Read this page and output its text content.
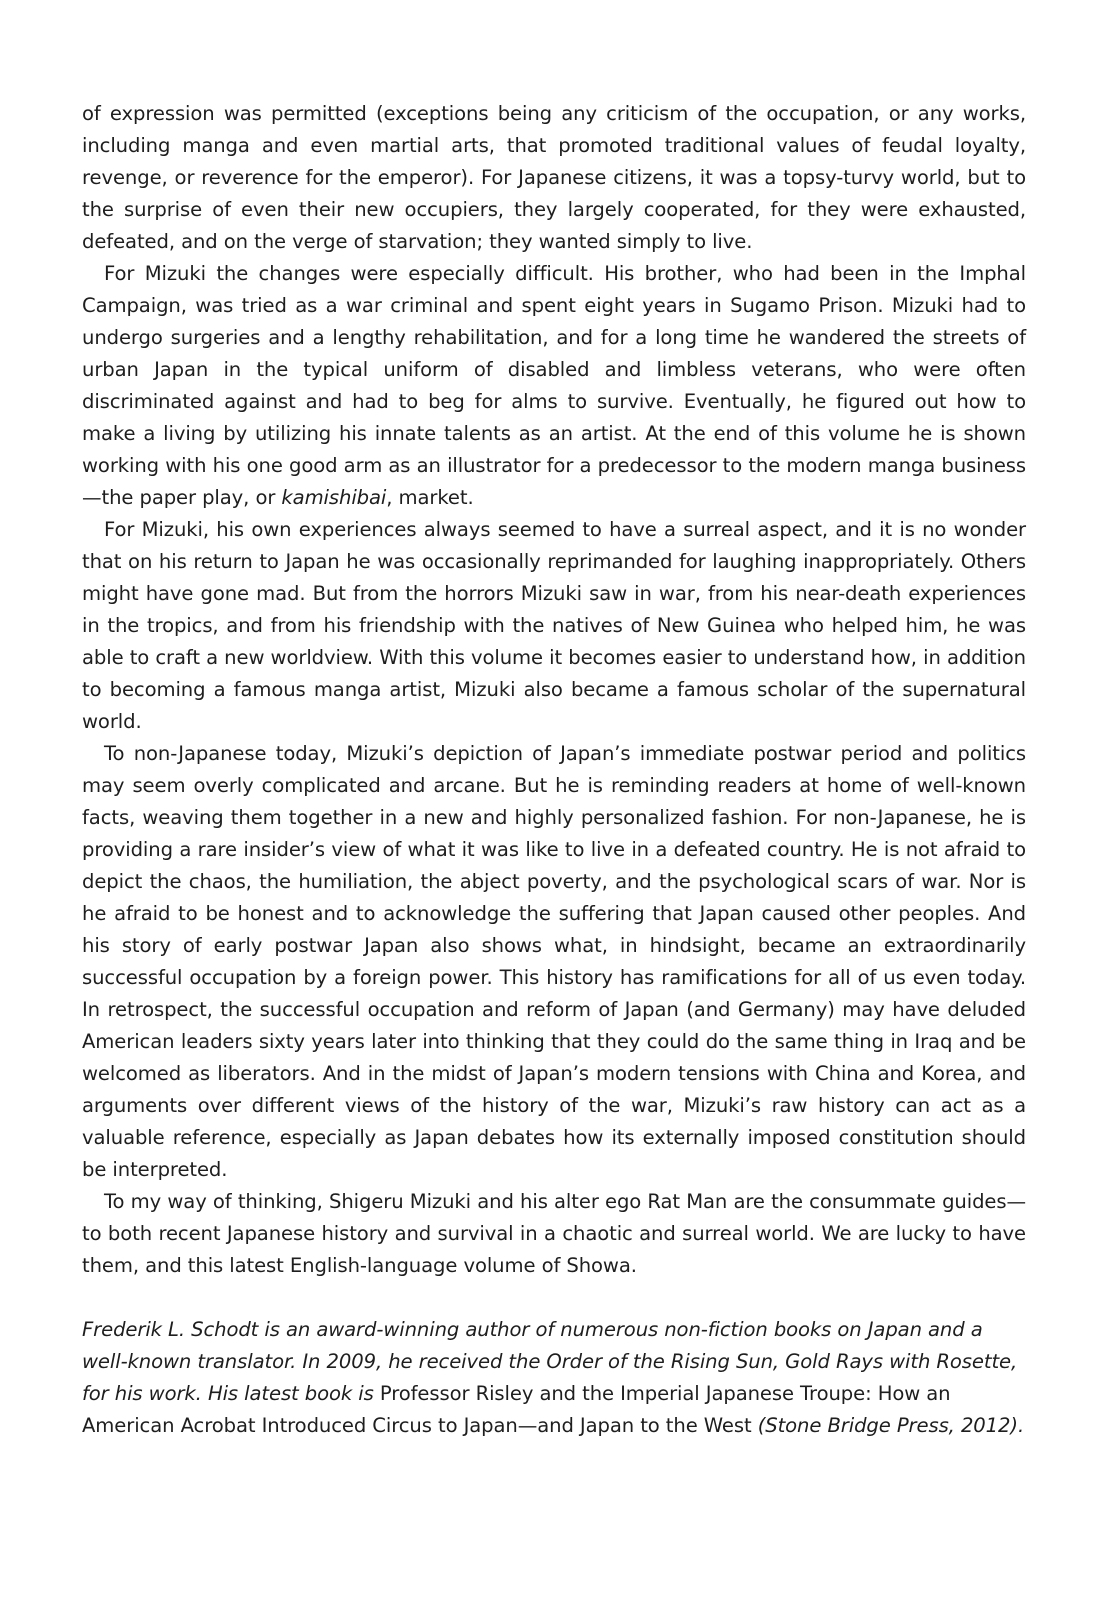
of expression was permitted (exceptions being any criticism of the occupation, or any works, including manga and even martial arts, that promoted traditional values of feudal loyalty, revenge, or reverence for the emperor). For Japanese citizens, it was a topsy-turvy world, but to the surprise of even their new occupiers, they largely cooperated, for they were exhausted, defeated, and on the verge of starvation; they wanted simply to live.

For Mizuki the changes were especially difficult. His brother, who had been in the Imphal Campaign, was tried as a war criminal and spent eight years in Sugamo Prison. Mizuki had to undergo surgeries and a lengthy rehabilitation, and for a long time he wandered the streets of urban Japan in the typical uniform of disabled and limbless veterans, who were often discriminated against and had to beg for alms to survive. Eventually, he figured out how to make a living by utilizing his innate talents as an artist. At the end of this volume he is shown working with his one good arm as an illustrator for a predecessor to the modern manga business—the paper play, or kamishibai, market.

For Mizuki, his own experiences always seemed to have a surreal aspect, and it is no wonder that on his return to Japan he was occasionally reprimanded for laughing inappropriately. Others might have gone mad. But from the horrors Mizuki saw in war, from his near-death experiences in the tropics, and from his friendship with the natives of New Guinea who helped him, he was able to craft a new worldview. With this volume it becomes easier to understand how, in addition to becoming a famous manga artist, Mizuki also became a famous scholar of the supernatural world.

To non-Japanese today, Mizuki’s depiction of Japan’s immediate postwar period and politics may seem overly complicated and arcane. But he is reminding readers at home of well-known facts, weaving them together in a new and highly personalized fashion. For non-Japanese, he is providing a rare insider’s view of what it was like to live in a defeated country. He is not afraid to depict the chaos, the humiliation, the abject poverty, and the psychological scars of war. Nor is he afraid to be honest and to acknowledge the suffering that Japan caused other peoples. And his story of early postwar Japan also shows what, in hindsight, became an extraordinarily successful occupation by a foreign power. This history has ramifications for all of us even today. In retrospect, the successful occupation and reform of Japan (and Germany) may have deluded American leaders sixty years later into thinking that they could do the same thing in Iraq and be welcomed as liberators. And in the midst of Japan’s modern tensions with China and Korea, and arguments over different views of the history of the war, Mizuki’s raw history can act as a valuable reference, especially as Japan debates how its externally imposed constitution should be interpreted.

To my way of thinking, Shigeru Mizuki and his alter ego Rat Man are the consummate guides—to both recent Japanese history and survival in a chaotic and surreal world. We are lucky to have them, and this latest English-language volume of Showa.

Frederik L. Schodt is an award-winning author of numerous non-fiction books on Japan and a well-known translator. In 2009, he received the Order of the Rising Sun, Gold Rays with Rosette, for his work. His latest book is Professor Risley and the Imperial Japanese Troupe: How an American Acrobat Introduced Circus to Japan—and Japan to the West (Stone Bridge Press, 2012).
